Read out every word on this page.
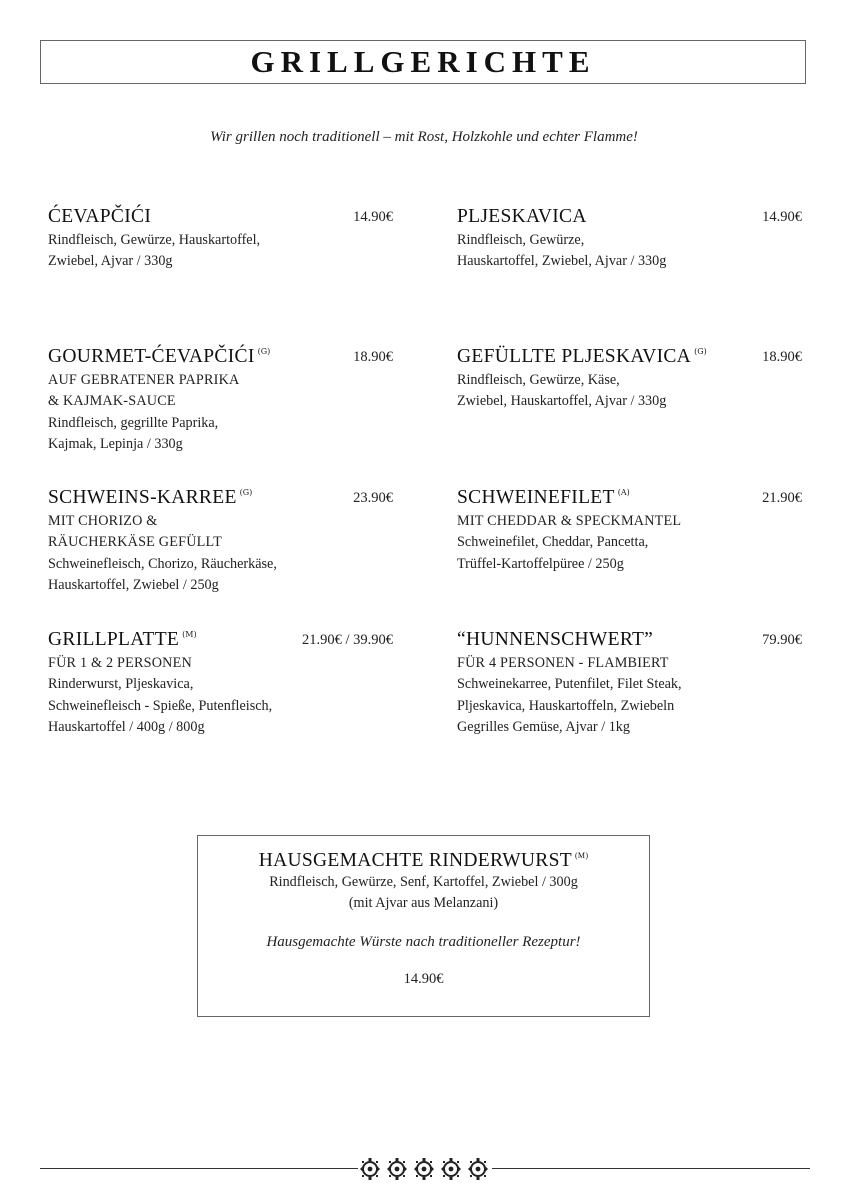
GRILLGERICHTE
Wir grillen noch traditionell – mit Rost, Holzkohle und echter Flamme!
ĆEVAPČIĆI	14.90€
Rindfleisch, Gewürze, Hauskartoffel,
Zwiebel, Ajvar / 330g
PLJESKAVICA	14.90€
Rindfleisch, Gewürze,
Hauskartoffel, Zwiebel, Ajvar / 330g
GOURMET-ĆEVAPČIĆI $^{(G)}$	18.90€
AUF GEBRATENER PAPRIKA
& KAJMAK-SAUCE
Rindfleisch, gegrillte Paprika,
Kajmak, Lepinja / 330g
GEFÜLLTE PLJESKAVICA $^{(G)}$	18.90€
Rindfleisch, Gewürze, Käse,
Zwiebel, Hauskartoffel, Ajvar / 330g
SCHWEINS-KARREE $^{(G)}$	23.90€
MIT CHORIZO &
RÄUCHERKÄSE GEFÜLLT
Schweinefleisch, Chorizo, Räucherkäse,
Hauskartoffel, Zwiebel / 250g
SCHWEINEFILET $^{(A)}$	21.90€
MIT CHEDDAR & SPECKMANTEL
Schweinefilet, Cheddar, Pancetta,
Trüffel-Kartoffelpüree / 250g
GRILLPLATTE $^{(M)}$	21.90€ / 39.90€
FÜR 1 & 2 PERSONEN
Rinderwurst, Pljeskavica,
Schweinefleisch - Spieße, Putenfleisch,
Hauskartoffel / 400g / 800g
“HUNNENSCHWERT”	79.90€
FÜR 4 PERSONEN - FLAMBIERT
Schweinekarree, Putenfilet, Filet Steak,
Pljeskavica, Hauskartoffeln, Zwiebeln
Gegrilles Gemüse, Ajvar / 1kg
HAUSGEMACHTE RINDERWURST $^{(M)}$
Rindfleisch, Gewürze, Senf, Kartoffel, Zwiebel / 300g
(mit Ajvar aus Melanzani)
Hausgemachte Würste nach traditioneller Rezeptur!
14.90€
